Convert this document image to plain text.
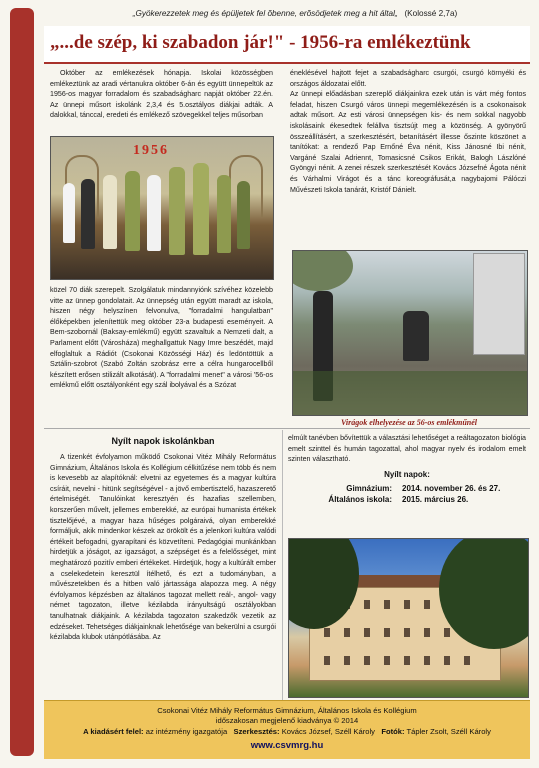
„Gyökerezzetek meg és épüljetek fel õbenne, erõsödjetek meg a hit által„ (Kolossé 2,7a)
„...de szép, ki szabadon jár!" - 1956-ra emlékeztünk

Október az emlékezések hónapja. Iskolai közösségben emlékeztünk az aradi vértanukra október 6-án és együtt ünnepeltük az 1956-os magyar forradalom és szabadságharc napját október 22.én. Az ünnepi műsort iskolánk 2,3,4 és 5.osztályos diákjai adták. A dalokkal, tánccal, eredeti és emlékező szövegekkel teljes műsorban

1956

közel 70 diák szerepelt. Szolgálatuk mindannyiónk szívéhez közelebb vitte az ünnep gondolatait. Az ünnepség után együtt maradt az iskola, hiszen négy helyszínen felvonulva, "forradalmi hangulatban" élőképekben jelenítettük meg október 23-a budapesti eseményeit. A Bem-szobornál (Baksay-emlékmű) együtt szavaltuk a Nemzeti dalt, a Parlament előtt (Városháza) meghallgattuk Nagy Imre beszédét, majd elfoglaltuk a Rádiót (Csokonai Közösségi Ház) és ledöntöttük a Sztálin-szobrot (Szabó Zoltán szobrász erre a célra hungarocellből készített erősen stilizált alkotását). A "forradalmi menet" a városi '56-os emlékmű előtt osztályonként egy szál ibolyával és a Szózat

éneklésével hajtott fejet a szabadságharc csurgói, csurgó környéki és országos áldozatai előtt.
Az ünnepi előadásban szereplő diákjainkra ezek után is várt még fontos feladat, hiszen Csurgó város ünnepi megemlékezésén is a csokonaisok adtak műsort. Az esti városi ünnepségen kis- és nem sokkal nagyobb iskolásaink ékesedtek felállva tisztsújt meg a közönség. A gyönyörű összeállításért, a szerkesztésért, betanításért illesse őszinte köszönet a tanítókat: a rendező Pap Ernőné Éva nénit, Kiss Jánosné Ibi nénit, Vargáné Szalai Adriennt, Tomasicsné Csikos Erikát, Balogh Lászlóné Gyöngyi nénit. A zenei részek szerkesztését Kovács Józsefné Ágota nénit és Várhalmi Virágot és a tánc koreográfusát,a nagybajomi Pálóczi Művészeti Iskola tanárát, Kristóf Dánielt.

Virágok elhelyezése az 56-os emlékműnél
Nyílt napok iskolánkban

A tizenkét évfolyamon működő Csokonai Vitéz Mihály Református Gimnázium, Általános Iskola és Kollégium célkitűzése nem több és nem is kevesebb az alapítóknál: elvetni az egyetemes és a magyar kultúra csíráit, nevelni - hitünk segítségével - a jövő embertisztelő, hazaszerető értelmiségét. Tanulóinkat keresztyén és hazafias szellemben, korszerűen művelt, jellemes emberekké, az európai humanista értékek tisztelőjévé, a magyar haza hűséges polgáraivá, olyan emberekké formáljuk, akik mindenkor készek az örökölt és a jelenkori kultúra valódi értékeit befogadni, gyarapítani és közvetíteni. Pedagógiai munkánkban hirdetjük a jóságot, az igazságot, a szépséget és a felelősséget, mint meghatározó pozitív emberi értékeket. Hirdetjük, hogy a kultúrált ember a cselekedetein keresztül ítélhető, és ezt a tudományban, a művészetekben és a hitben való jártassága alapozza meg. A négy évfolyamos képzésben az általános tagozat mellett reál-, angol- vagy német tagozaton, illetve kézilabda irányultságú osztályokban tanulhatnak diákjaink. A kézilabda tagozaton szakedzők vezetik az edzéseket. Tehetséges diákjainknak lehetősége van bekerülni a csurgói kézilabda klubok utánpótlásába. Az

elmúlt tanévben bővítettük a választási lehetőséget a reáltagozaton biológia emelt szinttel és humán tagozattal, ahol magyar nyelv és irodalom emelt szinten választható.

Nyílt napok:
Gimnázium:	2014. november 26. és 27.
Általános iskola:	2015. március 26.
Csokonai Vitéz Mihály Református Gimnázium, Általános Iskola és Kollégium
időszakosan megjelenő kiadványa © 2014
A kiadásért felel: az intézmény igazgatója Szerkesztés: Kovács József, Széll Károly Fotók: Tápler Zsolt, Széll Károly
www.csvmrg.hu
